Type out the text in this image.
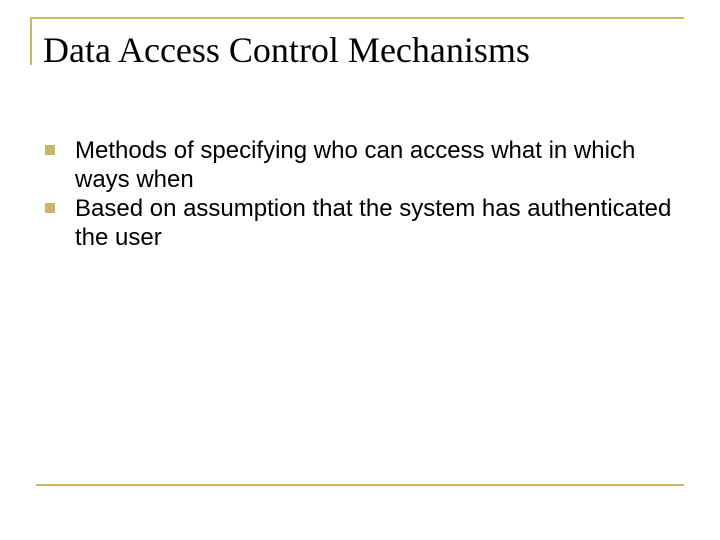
Data Access Control Mechanisms
Methods of specifying who can access what in which ways when
Based on assumption that the system has authenticated the user
